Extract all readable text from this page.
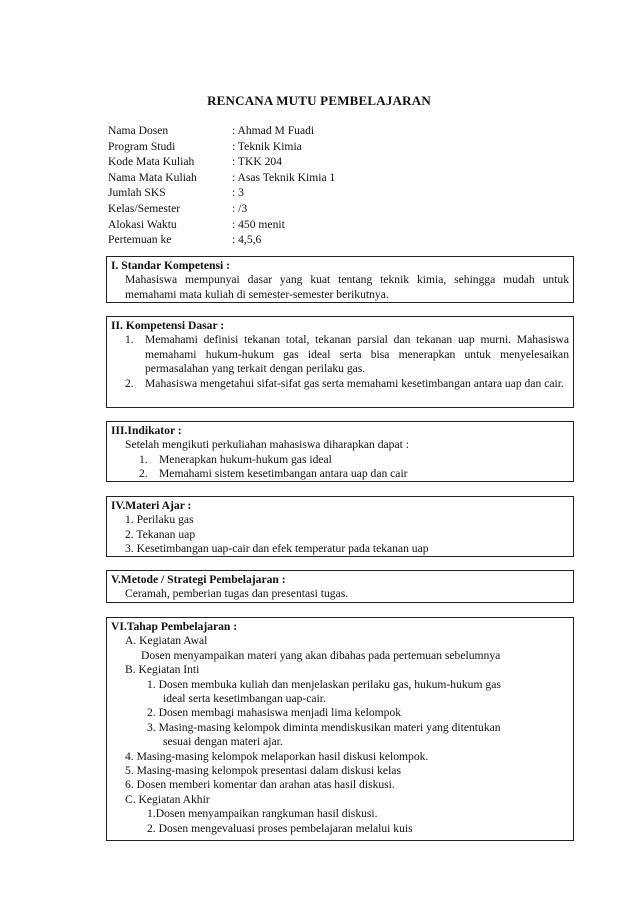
RENCANA MUTU PEMBELAJARAN
Nama Dosen	: Ahmad M Fuadi
Program Studi	: Teknik Kimia
Kode Mata Kuliah	: TKK 204
Nama Mata Kuliah	: Asas Teknik Kimia 1
Jumlah SKS	: 3
Kelas/Semester	: /3
Alokasi Waktu	: 450 menit
Pertemuan ke	: 4,5,6
I. Standar Kompetensi :
Mahasiswa mempunyai dasar yang kuat tentang teknik kimia, sehingga mudah untuk memahami mata kuliah di semester-semester berikutnya.
II. Kompetensi Dasar :
1. Memahami definisi tekanan total, tekanan parsial dan tekanan uap murni. Mahasiswa memahami hukum-hukum gas ideal serta bisa menerapkan untuk menyelesaikan permasalahan yang terkait dengan perilaku gas.
2. Mahasiswa mengetahui sifat-sifat gas serta memahami kesetimbangan antara uap dan cair.
III.Indikator :
Setelah mengikuti perkuliahan mahasiswa diharapkan dapat :
1. Menerapkan hukum-hukum gas ideal
2. Memahami sistem kesetimbangan antara uap dan cair
IV.Materi Ajar :
1. Perilaku gas
2. Tekanan uap
3. Kesetimbangan uap-cair dan efek temperatur pada tekanan uap
V.Metode / Strategi Pembelajaran :
Ceramah, pemberian tugas dan presentasi tugas.
VI.Tahap Pembelajaran :
A. Kegiatan Awal
Dosen menyampaikan materi yang akan dibahas pada pertemuan sebelumnya
B. Kegiatan Inti
1. Dosen membuka kuliah dan menjelaskan perilaku gas, hukum-hukum gas
ideal serta kesetimbangan uap-cair.
2. Dosen membagi mahasiswa menjadi lima kelompok
3. Masing-masing kelompok diminta mendiskusikan materi yang ditentukan
sesuai dengan materi ajar.
4. Masing-masing kelompok melaporkan hasil diskusi kelompok.
5. Masing-masing kelompok presentasi dalam diskusi kelas
6. Dosen memberi komentar dan arahan atas hasil diskusi.
C. Kegiatan Akhir
1.Dosen menyampaikan rangkuman hasil diskusi.
2. Dosen mengevaluasi proses pembelajaran melalui kuis
